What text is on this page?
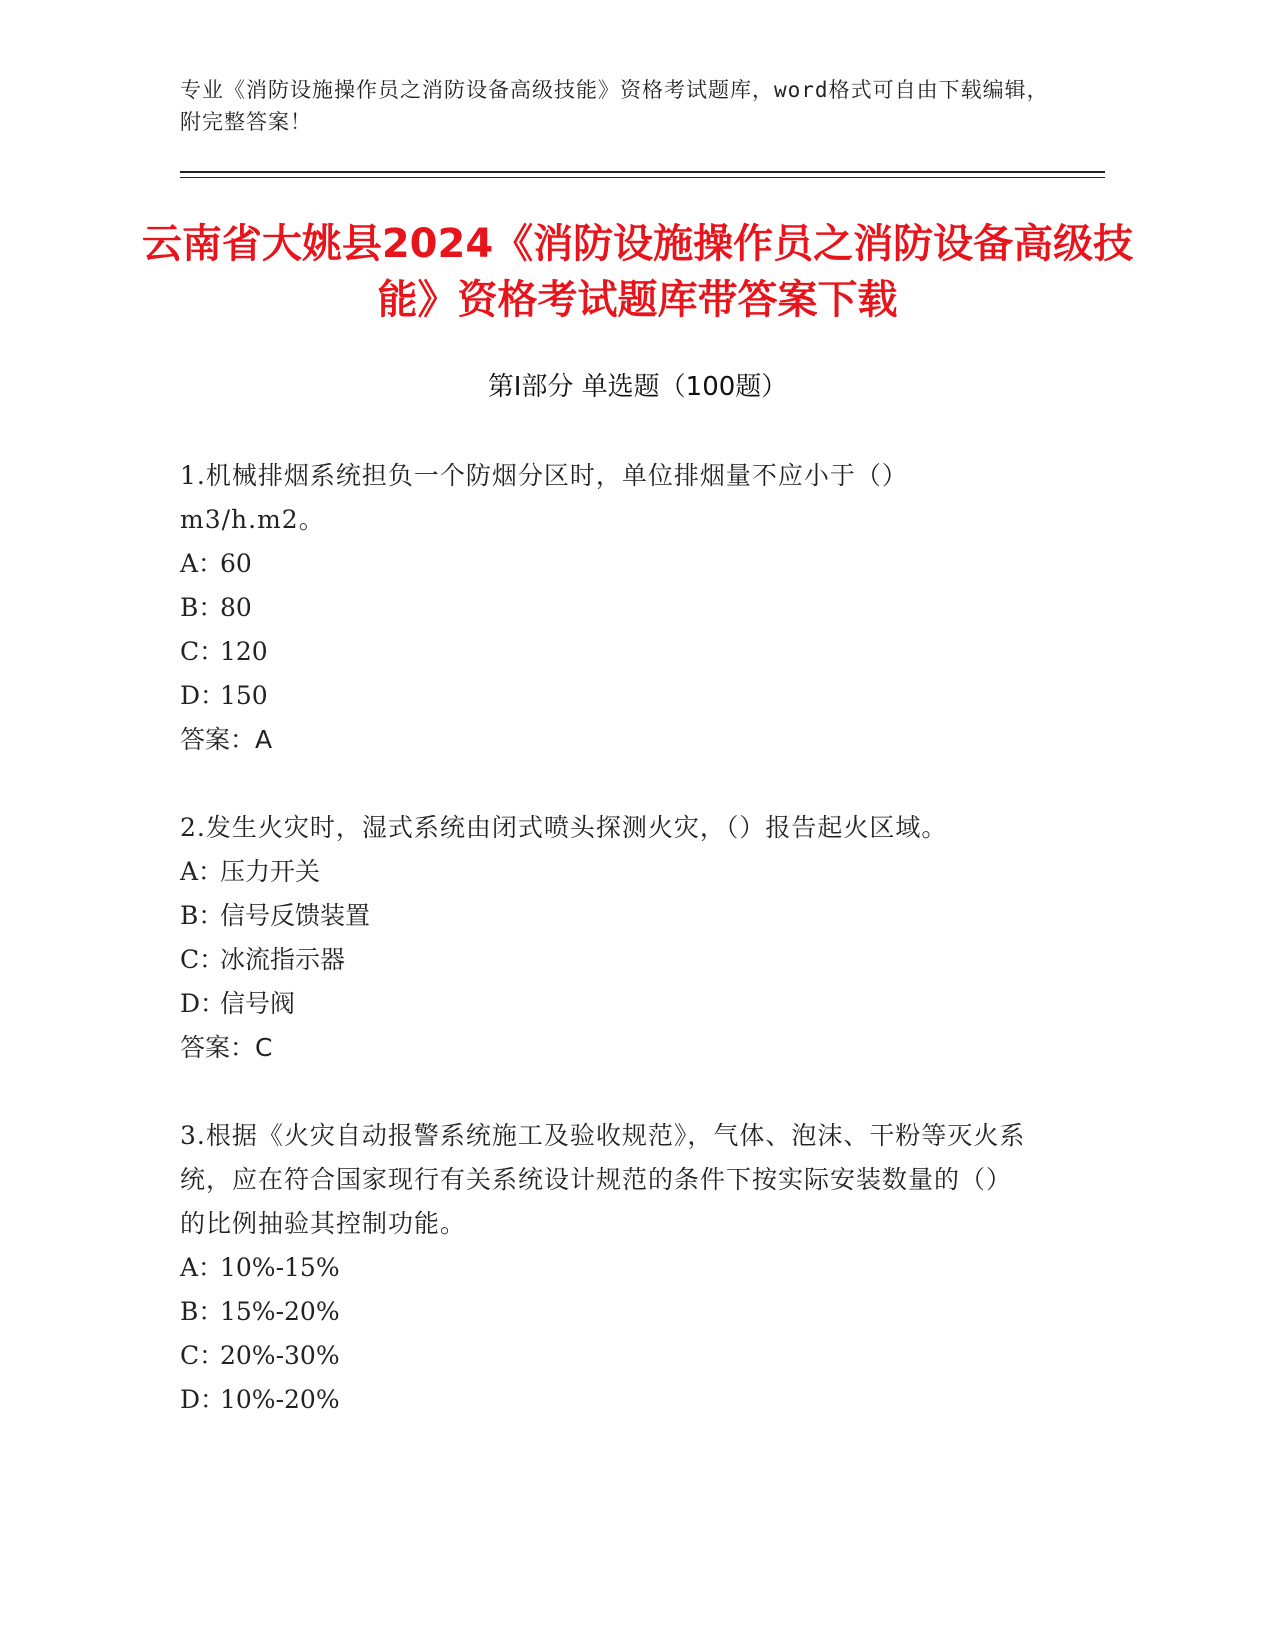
专业《消防设施操作员之消防设备高级技能》资格考试题库，word格式可自由下载编辑，附完整答案！
云南省大姚县2024《消防设施操作员之消防设备高级技能》资格考试题库带答案下载
第Ⅰ部分 单选题（100题）
1.机械排烟系统担负一个防烟分区时，单位排烟量不应小于（）m3/h.m2。
A：60
B：80
C：120
D：150
答案：A
2.发生火灾时，湿式系统由闭式喷头探测火灾，（）报告起火区域。
A：压力开关
B：信号反馈装置
C：冰流指示器
D：信号阀
答案：C
3.根据《火灾自动报警系统施工及验收规范》，气体、泡沫、干粉等灭火系统，应在符合国家现行有关系统设计规范的条件下按实际安装数量的（）的比例抽验其控制功能。
A：10%-15%
B：15%-20%
C：20%-30%
D：10%-20%
